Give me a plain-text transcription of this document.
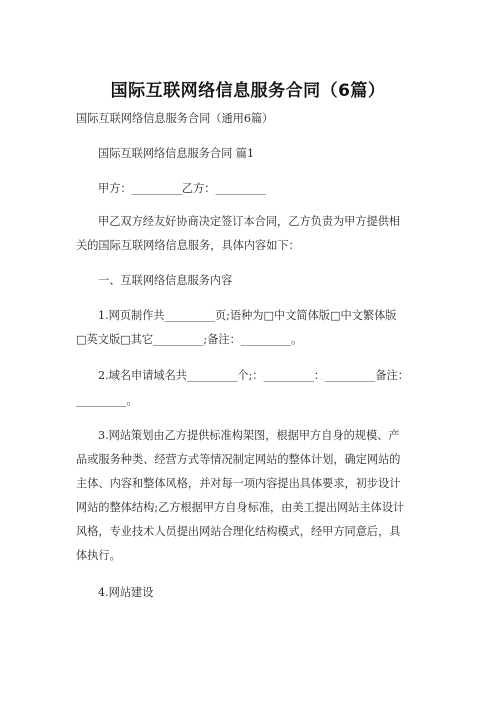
国际互联网络信息服务合同（6篇）
国际互联网络信息服务合同（通用6篇）
国际互联网络信息服务合同 篇1
甲方：_________乙方：_________
甲乙双方经友好协商决定签订本合同，乙方负责为甲方提供相
关的国际互联网络信息服务，具体内容如下：
一、互联网络信息服务内容
1.网页制作共_________页;语种为□中文简体版□中文繁体版
□英文版□其它_________;备注：_________。
2.域名申请域名共_________个;：_________：_________备注：
_________。
3.网站策划由乙方提供标准构架图，根据甲方自身的规模、产
品或服务种类、经营方式等情况制定网站的整体计划，确定网站的
主体、内容和整体风格，并对每一项内容提出具体要求，初步设计
网站的整体结构;乙方根据甲方自身标准，由美工提出网站主体设计
风格，专业技术人员提出网站合理化结构模式，经甲方同意后，具
体执行。
4.网站建设
